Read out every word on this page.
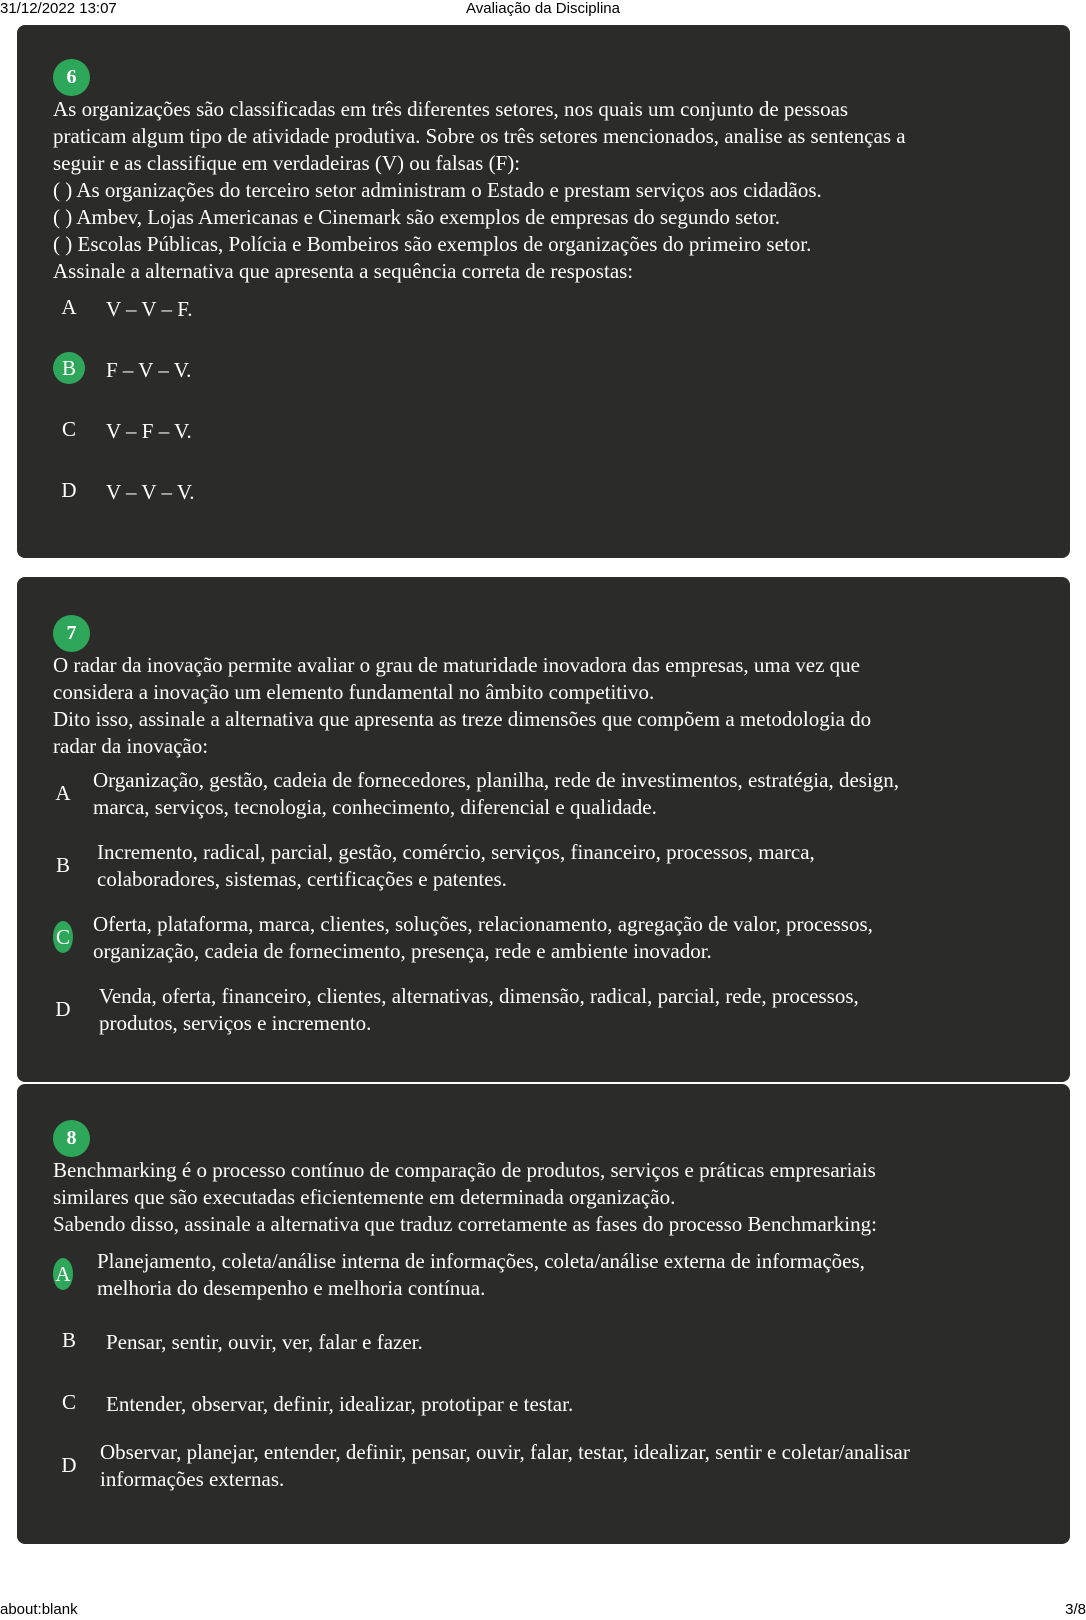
31/12/2022 13:07	Avaliação da Disciplina
6

As organizações são classificadas em três diferentes setores, nos quais um conjunto de pessoas

praticam algum tipo de atividade produtiva. Sobre os três setores mencionados, analise as sentenças a

seguir e as classifique em verdadeiras (V) ou falsas (F):

( ) As organizações do terceiro setor administram o Estado e prestam serviços aos cidadãos.

( ) Ambev, Lojas Americanas e Cinemark são exemplos de empresas do segundo setor.

( ) Escolas Públicas, Polícia e Bombeiros são exemplos de organizações do primeiro setor.

Assinale a alternativa que apresenta a sequência correta de respostas:

A	V – V – F.
B	F – V – V.
C	V – F – V.
D	V – V – V.
7

O radar da inovação permite avaliar o grau de maturidade inovadora das empresas, uma vez que

considera a inovação um elemento fundamental no âmbito competitivo.

Dito isso, assinale a alternativa que apresenta as treze dimensões que compõem a metodologia do

radar da inovação:

A

Organização, gestão, cadeia de fornecedores, planilha, rede de investimentos, estratégia, design,

marca, serviços, tecnologia, conhecimento, diferencial e qualidade.

B

Incremento, radical, parcial, gestão, comércio, serviços, financeiro, processos, marca,

colaboradores, sistemas, certificações e patentes.

C

Oferta, plataforma, marca, clientes, soluções, relacionamento, agregação de valor, processos,

organização, cadeia de fornecimento, presença, rede e ambiente inovador.

D

Venda, oferta, financeiro, clientes, alternativas, dimensão, radical, parcial, rede, processos,

produtos, serviços e incremento.

8

Benchmarking é o processo contínuo de comparação de produtos, serviços e práticas empresariais

similares que são executadas eficientemente em determinada organização.

Sabendo disso, assinale a alternativa que traduz corretamente as fases do processo Benchmarking:

A

Planejamento, coleta/análise interna de informações, coleta/análise externa de informações,

melhoria do desempenho e melhoria contínua.

B	Pensar, sentir, ouvir, ver, falar e fazer.
C	Entender, observar, definir, idealizar, prototipar e testar.
D

Observar, planejar, entender, definir, pensar, ouvir, falar, testar, idealizar, sentir e coletar/analisar

informações externas.

about:blank	3/8
